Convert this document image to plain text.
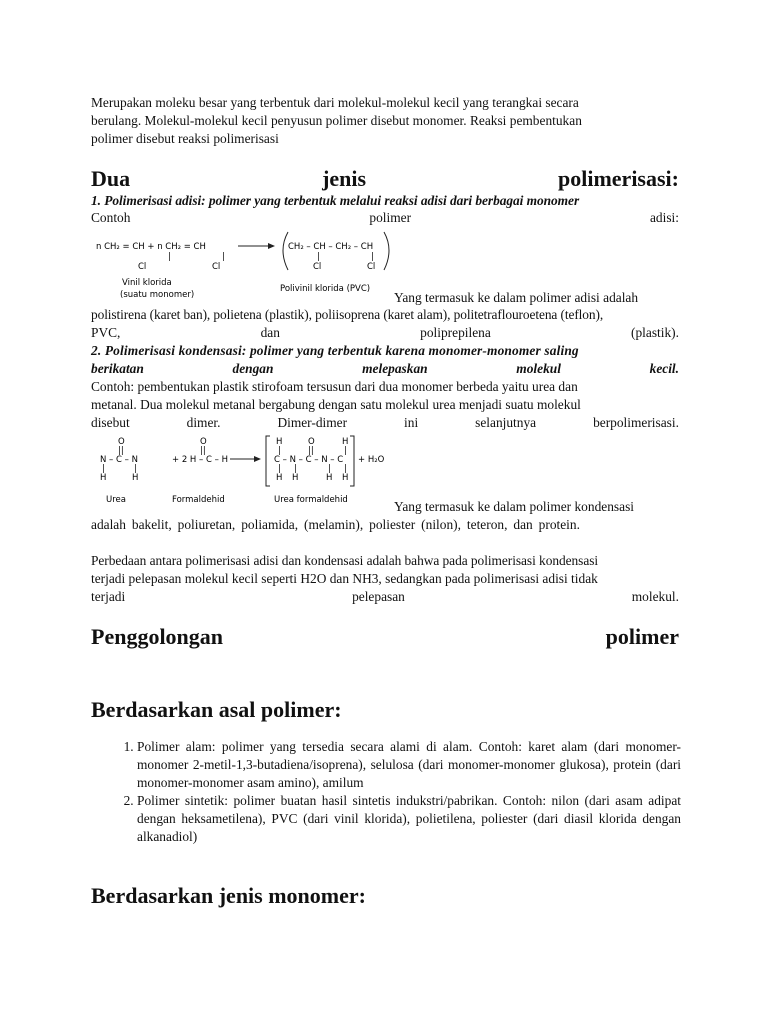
Merupakan moleku besar yang terbentuk dari molekul-molekul kecil yang terangkai secara
berulang. Molekul-molekul kecil penyusun polimer disebut monomer. Reaksi pembentukan
polimer disebut reaksi polimerisasi
Dua	jenis	polimerisasi:
1. Polimerisasi adisi: polimer yang terbentuk melalui reaksi adisi dari berbagai monomer
Contoh	polimer	adisi:
n CH₂ = CH + n CH₂ = CH
|	|
Cl	Cl
CH₂ – CH – CH₂ – CH
|	|
Cl	Cl
Vinil klorida
(suatu monomer)
Polivinil klorida (PVC)
Yang termasuk ke dalam polimer adisi adalah
polistirena (karet ban), polietena (plastik), poliisoprena (karet alam), politetraflouroetena (teflon),
PVC,	dan	poliprepilena	(plastik).
2. Polimerisasi kondensasi: polimer yang terbentuk karena monomer-monomer saling
berikatan	dengan	melepaskan	molekul	kecil.
Contoh: pembentukan plastik stirofoam tersusun dari dua monomer berbeda yaitu urea dan
metanal. Dua molekul metanal bergabung dengan satu molekul urea menjadi suatu molekul
disebut	dimer.	Dimer-dimer	ini	selanjutnya	berpolimerisasi.
O
||
N – C – N
|	|
H	H
O
||
+ 2 H – C – H
H	O	H
|	||	|
C – N – C – N – C + H₂O
| |	| |
H H	H H
Urea	Formaldehid	Urea formaldehid	Yang termasuk ke dalam polimer kondensasi
adalah bakelit, poliuretan, poliamida, (melamin), poliester (nilon), teteron, dan protein.
Perbedaan antara polimerisasi adisi dan kondensasi adalah bahwa pada polimerisasi kondensasi
terjadi pelepasan molekul kecil seperti H2O dan NH3, sedangkan pada polimerisasi adisi tidak
terjadi	pelepasan	molekul.
Penggolongan	polimer
Berdasarkan asal polimer:
1. Polimer alam: polimer yang tersedia secara alami di alam. Contoh: karet alam (dari monomer-monomer 2-metil-1,3-butadiena/isoprena), selulosa (dari monomer-monomer glukosa), protein (dari monomer-monomer asam amino), amilum
2. Polimer sintetik: polimer buatan hasil sintetis indukstri/pabrikan. Contoh: nilon (dari asam adipat dengan heksametilena), PVC (dari vinil klorida), polietilena, poliester (dari diasil klorida dengan alkanadiol)
Berdasarkan jenis monomer:
